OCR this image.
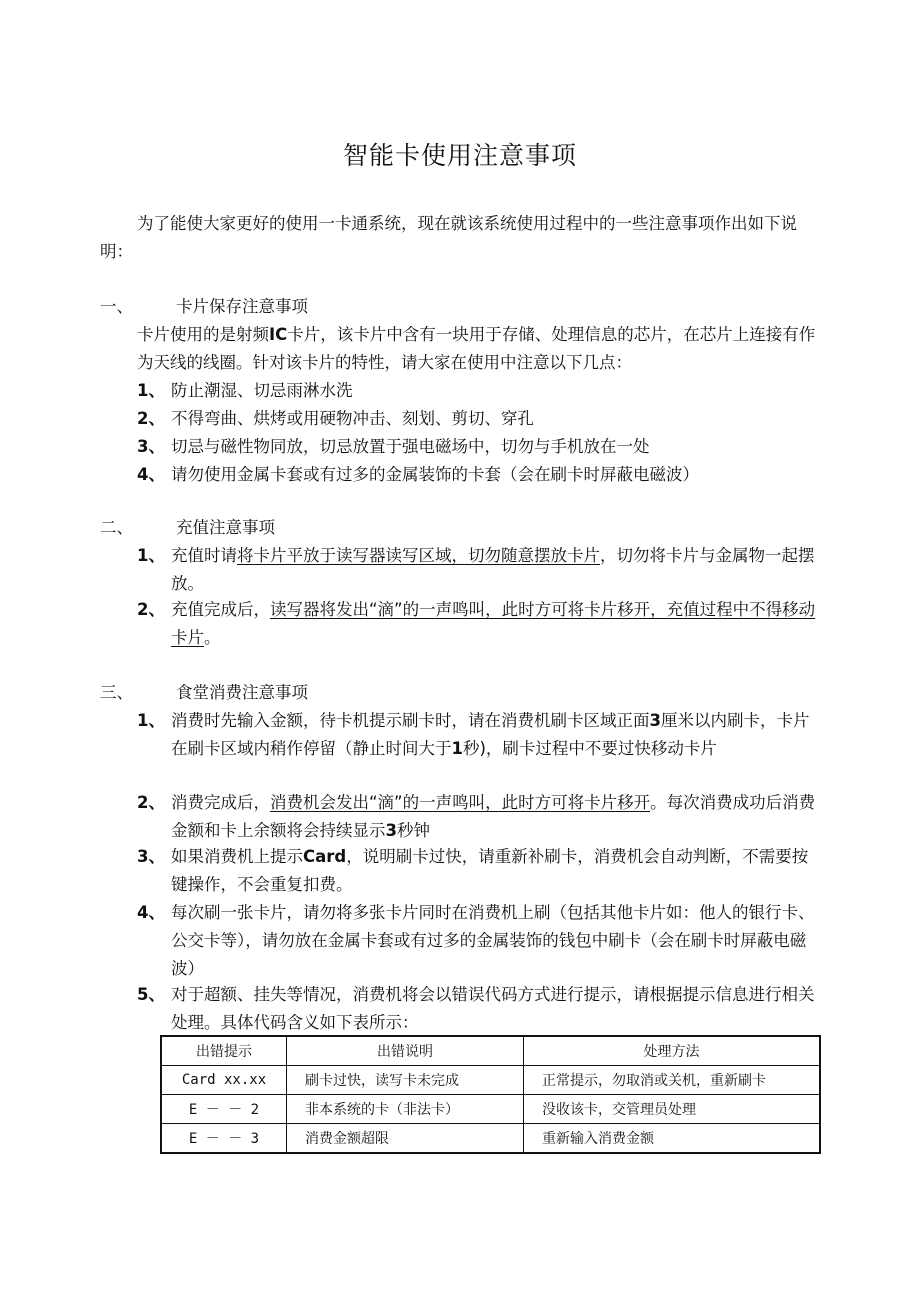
智能卡使用注意事项
为了能使大家更好的使用一卡通系统，现在就该系统使用过程中的一些注意事项作出如下说明：
一、	卡片保存注意事项
卡片使用的是射频IC卡片，该卡片中含有一块用于存储、处理信息的芯片，在芯片上连接有作为天线的线圈。针对该卡片的特性，请大家在使用中注意以下几点：
1、 防止潮湿、切忌雨淋水洗
2、 不得弯曲、烘烤或用硬物冲击、刻划、剪切、穿孔
3、 切忌与磁性物同放，切忌放置于强电磁场中，切勿与手机放在一处
4、 请勿使用金属卡套或有过多的金属装饰的卡套（会在刷卡时屏蔽电磁波）
二、	充值注意事项
1、 充值时请将卡片平放于读写器读写区域，切勿随意摆放卡片，切勿将卡片与金属物一起摆放。
2、 充值完成后，读写器将发出“滴”的一声鸣叫，此时方可将卡片移开，充值过程中不得移动卡片。
三、	食堂消费注意事项
1、 消费时先输入金额，待卡机提示刷卡时，请在消费机刷卡区域正面3厘米以内刷卡，卡片在刷卡区域内稍作停留（静止时间大于1秒)，刷卡过程中不要过快移动卡片
2、 消费完成后，消费机会发出“滴”的一声鸣叫，此时方可将卡片移开。每次消费成功后消费金额和卡上余额将会持续显示3秒钟
3、 如果消费机上提示Card，说明刷卡过快，请重新补刷卡，消费机会自动判断，不需要按键操作，不会重复扣费。
4、 每次刷一张卡片，请勿将多张卡片同时在消费机上刷（包括其他卡片如：他人的银行卡、公交卡等），请勿放在金属卡套或有过多的金属装饰的钱包中刷卡（会在刷卡时屏蔽电磁波）
5、 对于超额、挂失等情况，消费机将会以错误代码方式进行提示，请根据提示信息进行相关处理。具体代码含义如下表所示：
出错提示	出错说明	处理方法
Card xx.xx	刷卡过快，读写卡未完成	正常提示，勿取消或关机，重新刷卡
E － － 2	非本系统的卡（非法卡）	没收该卡，交管理员处理
E － － 3	消费金额超限	重新输入消费金额
